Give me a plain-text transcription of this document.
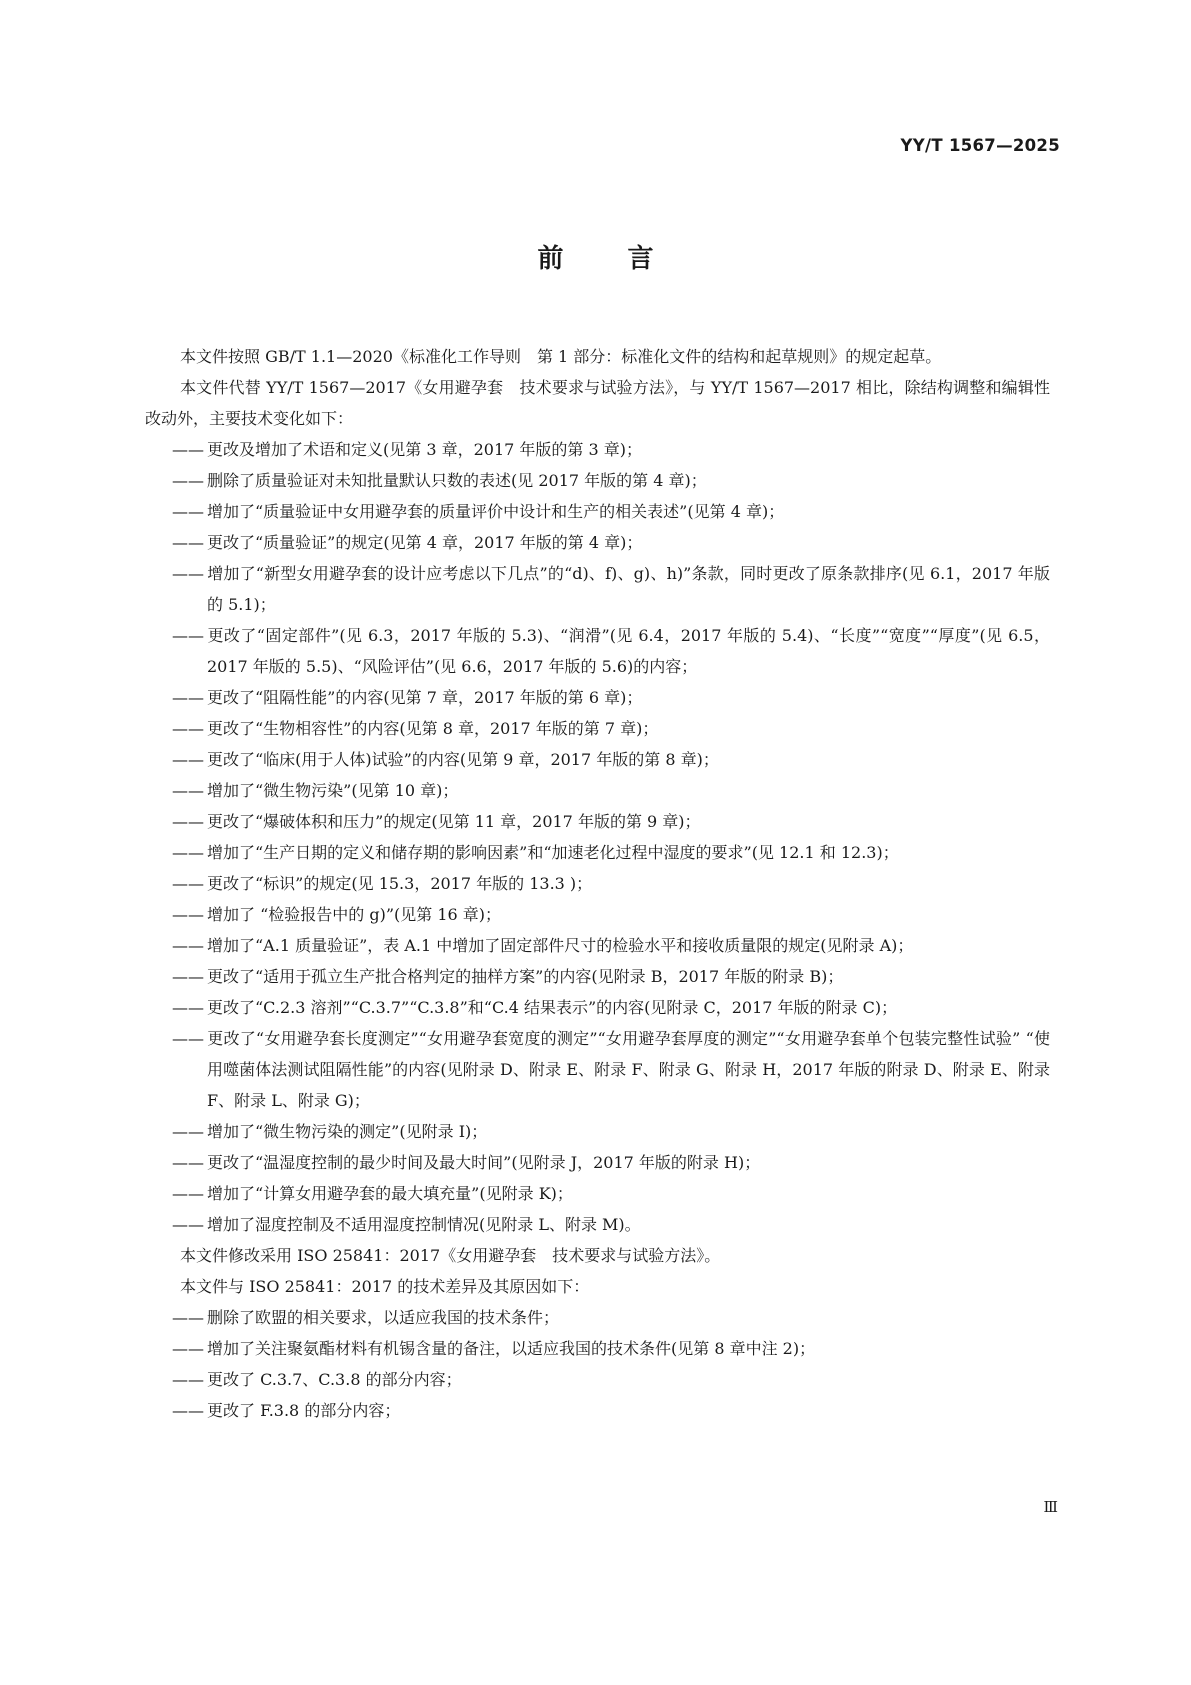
YY/T 1567—2025

前 言

本文件按照 GB/T 1.1—2020《标准化工作导则　第 1 部分：标准化文件的结构和起草规则》的规定起草。

本文件代替 YY/T 1567—2017《女用避孕套　技术要求与试验方法》，与 YY/T 1567—2017 相比，除结构调整和编辑性改动外，主要技术变化如下：

—— 更改及增加了术语和定义(见第 3 章，2017 年版的第 3 章)；

—— 删除了质量验证对未知批量默认只数的表述(见 2017 年版的第 4 章)；

—— 增加了“质量验证中女用避孕套的质量评价中设计和生产的相关表述”(见第 4 章)；

—— 更改了“质量验证”的规定(见第 4 章，2017 年版的第 4 章)；

—— 增加了“新型女用避孕套的设计应考虑以下几点”的“d)、f)、g)、h)”条款，同时更改了原条款排序(见 6.1，2017 年版的 5.1)；

—— 更改了“固定部件”(见 6.3，2017 年版的 5.3)、“润滑”(见 6.4，2017 年版的 5.4)、“长度”“宽度”“厚度”(见 6.5，2017 年版的 5.5)、“风险评估”(见 6.6，2017 年版的 5.6)的内容；

—— 更改了“阻隔性能”的内容(见第 7 章，2017 年版的第 6 章)；

—— 更改了“生物相容性”的内容(见第 8 章，2017 年版的第 7 章)；

—— 更改了“临床(用于人体)试验”的内容(见第 9 章，2017 年版的第 8 章)；

—— 增加了“微生物污染”(见第 10 章)；

—— 更改了“爆破体积和压力”的规定(见第 11 章，2017 年版的第 9 章)；

—— 增加了“生产日期的定义和储存期的影响因素”和“加速老化过程中湿度的要求”(见 12.1 和 12.3)；

—— 更改了“标识”的规定(见 15.3，2017 年版的 13.3 )；

—— 增加了 “检验报告中的 g)”(见第 16 章)；

—— 增加了“A.1 质量验证”，表 A.1 中增加了固定部件尺寸的检验水平和接收质量限的规定(见附录 A)；

—— 更改了“适用于孤立生产批合格判定的抽样方案”的内容(见附录 B，2017 年版的附录 B)；

—— 更改了“C.2.3 溶剂”“C.3.7”“C.3.8”和“C.4 结果表示”的内容(见附录 C，2017 年版的附录 C)；

—— 更改了“女用避孕套长度测定”“女用避孕套宽度的测定”“女用避孕套厚度的测定”“女用避孕套单个包装完整性试验” “使用噬菌体法测试阻隔性能”的内容(见附录 D、附录 E、附录 F、附录 G、附录 H，2017 年版的附录 D、附录 E、附录 F、附录 L、附录 G)；

—— 增加了“微生物污染的测定”(见附录 I)；

—— 更改了“温湿度控制的最少时间及最大时间”(见附录 J，2017 年版的附录 H)；

—— 增加了“计算女用避孕套的最大填充量”(见附录 K)；

—— 增加了湿度控制及不适用湿度控制情况(见附录 L、附录 M)。

本文件修改采用 ISO 25841：2017《女用避孕套　技术要求与试验方法》。

本文件与 ISO 25841：2017 的技术差异及其原因如下：

—— 删除了欧盟的相关要求，以适应我国的技术条件；

—— 增加了关注聚氨酯材料有机锡含量的备注，以适应我国的技术条件(见第 8 章中注 2)；

—— 更改了 C.3.7、C.3.8 的部分内容；

—— 更改了 F.3.8 的部分内容；

Ⅲ
